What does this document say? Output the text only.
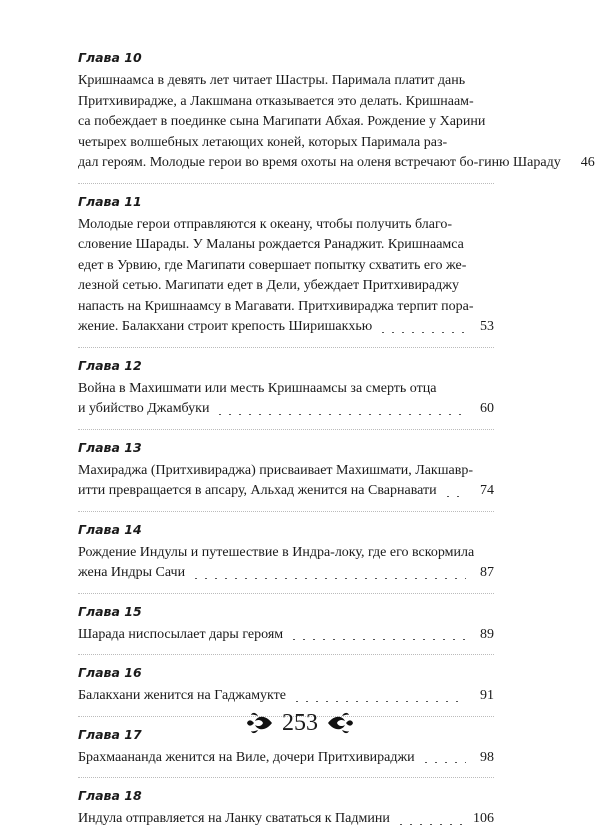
Глава 10
Кришнаамса в девять лет читает Шастры. Паримала платит дань
Притхивирадже, а Лакшмана отказывается это делать. Кришнаам-
са побеждает в поединке сына Магипати Абхая. Рождение у Харини
четырех волшебных летающих коней, которых Паримала раз-
дал героям. Молодые герои во время охоты на оленя встречают бо-гиню Шараду	46
Глава 11
Молодые герои отправляются к океану, чтобы получить благо-
словение Шарады. У Маланы рождается Ранаджит. Кришнаамса
едет в Урвию, где Магипати совершает попытку схватить его же-
лезной сетью. Магипати едет в Дели, убеждает Притхивираджу
напасть на Кришнаамсу в Магавати. Притхивираджа терпит пора-
жение. Балакхани строит крепость Ширишакхью	53
Глава 12
Война в Махишмати или месть Кришнаамсы за смерть отца
и убийство Джамбуки	60
Глава 13
Махираджа (Притхивираджа) присваивает Махишмати, Лакшавр-
итти превращается в апсару, Альхад женится на Сварнавати	74
Глава 14
Рождение Индулы и путешествие в Индра-локу, где его вскормила
жена Индры Сачи	87
Глава 15
Шарада ниспосылает дары героям	89
Глава 16
Балакхани женится на Гаджамукте	91
Глава 17
Брахмаананда женится на Виле, дочери Притхивираджи	98
Глава 18
Индула отправляется на Ланку свататься к Падмини	106
253
